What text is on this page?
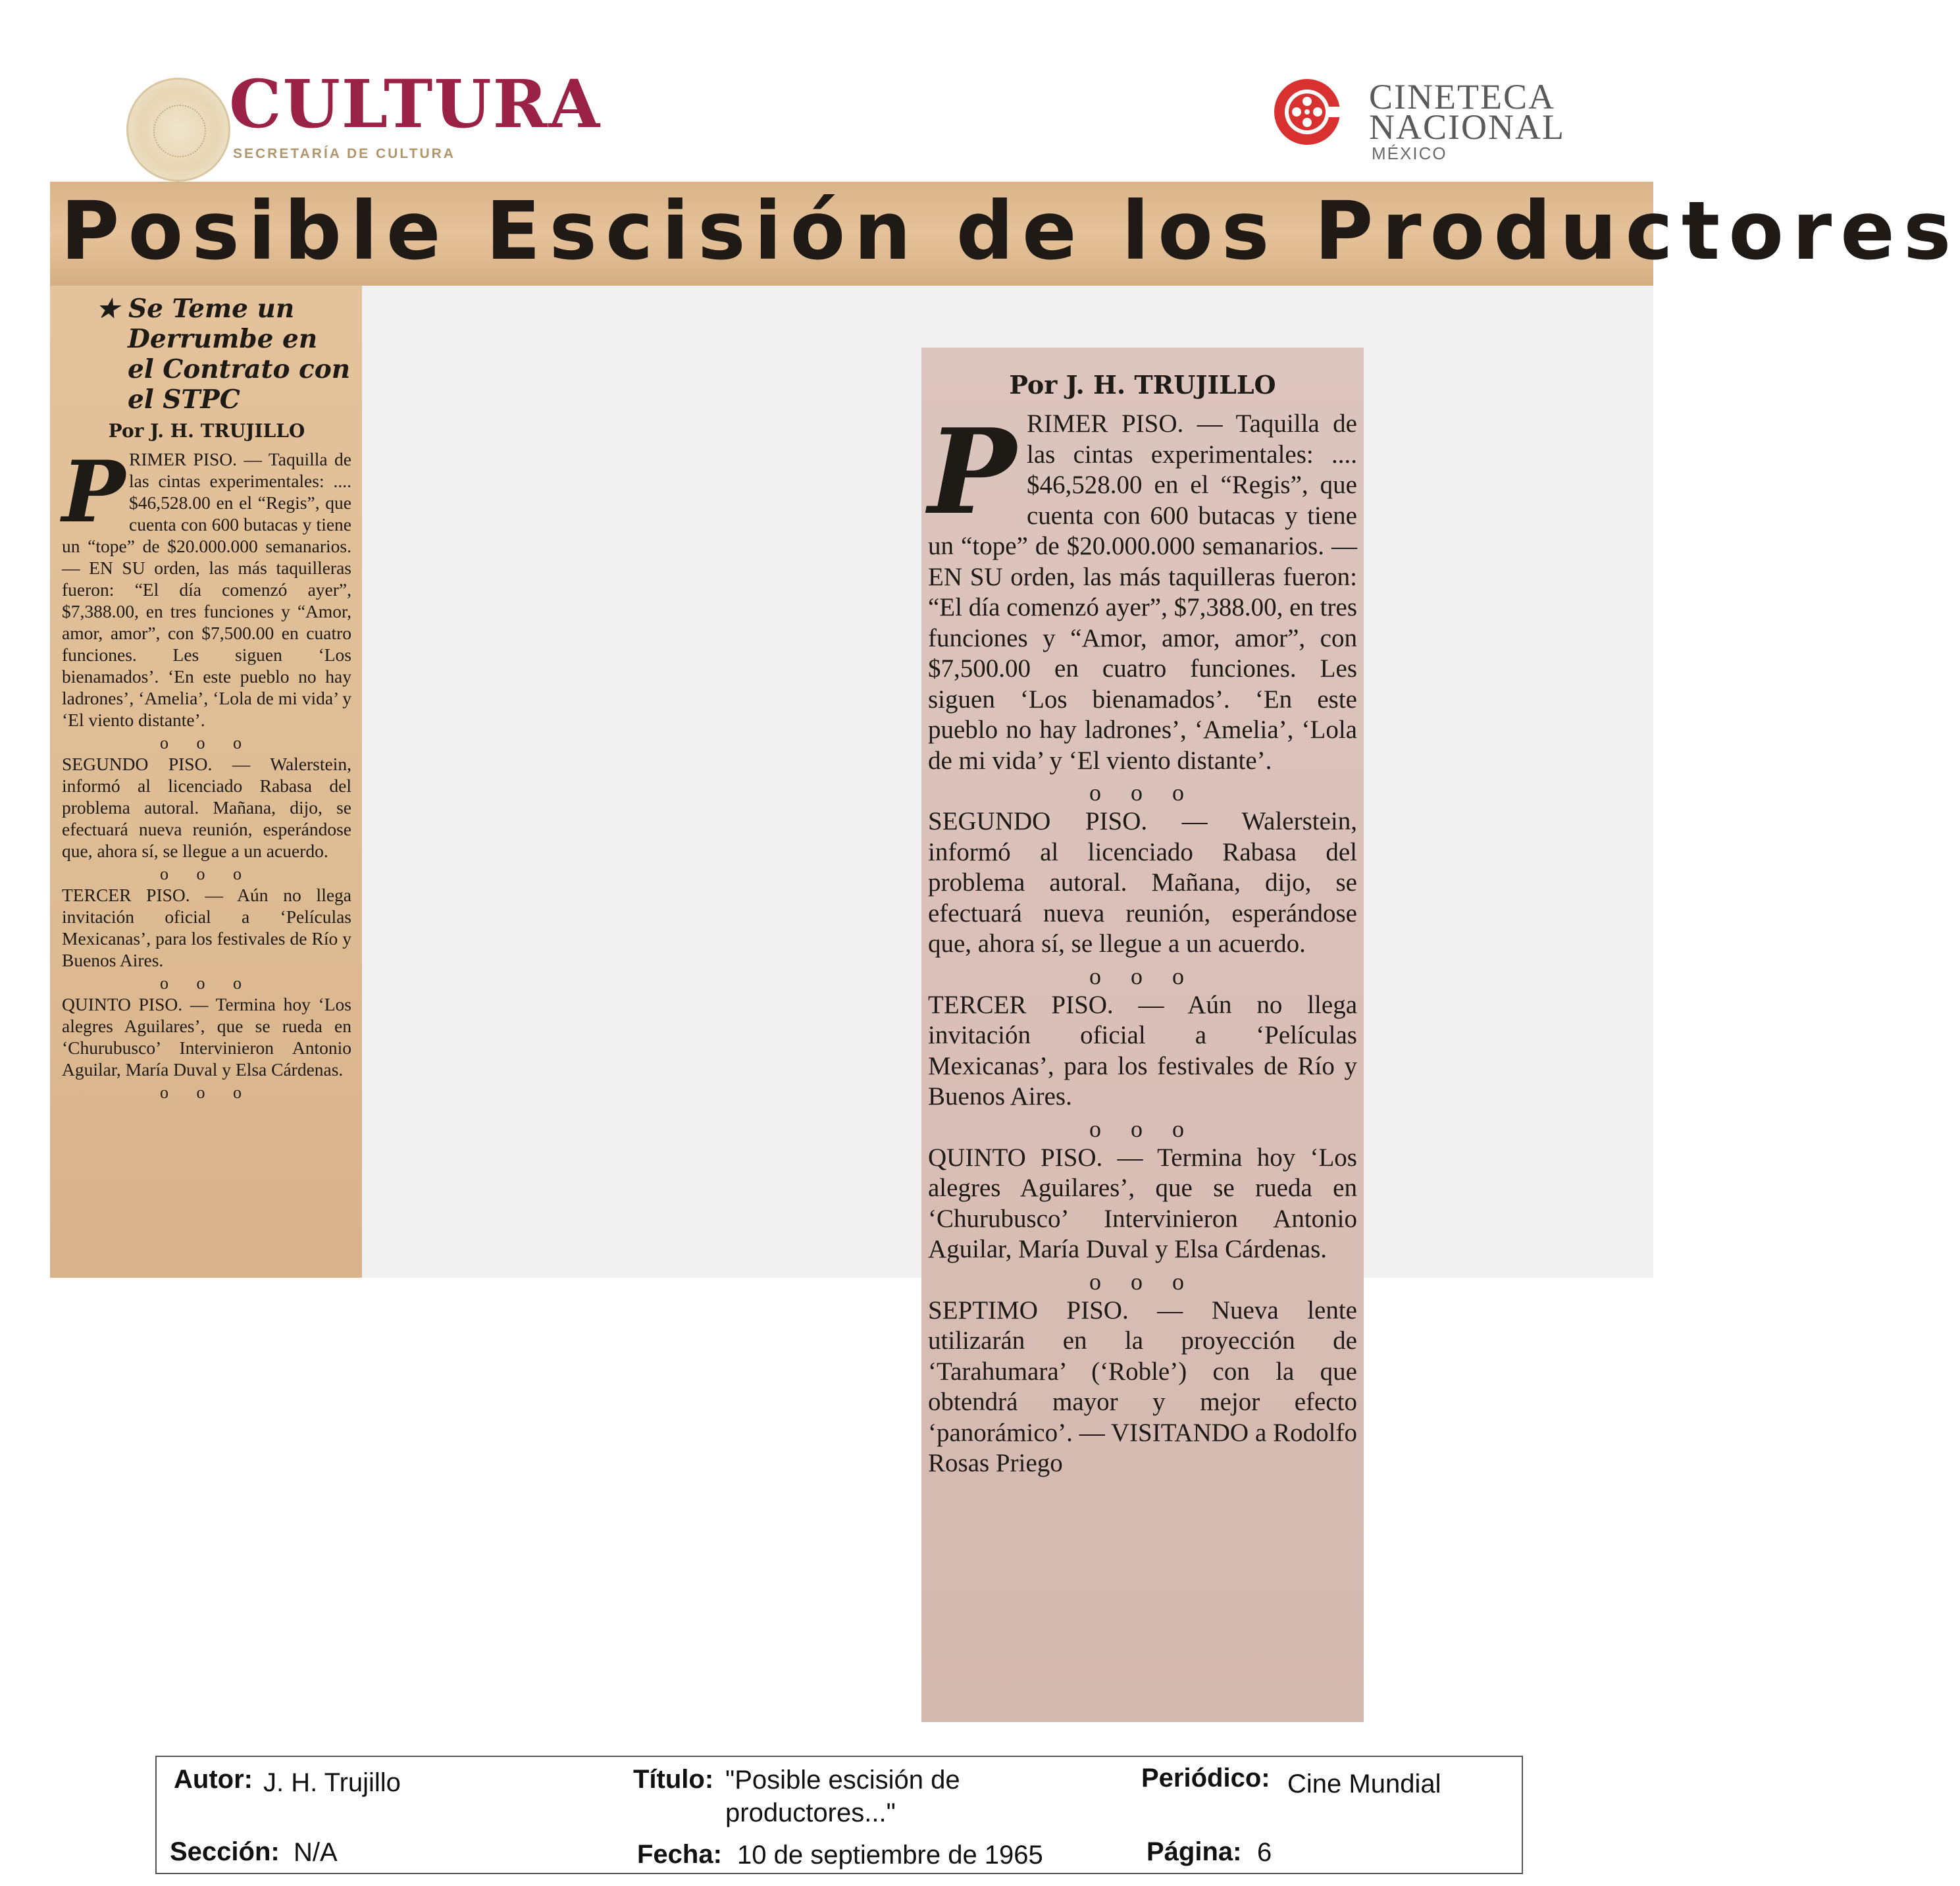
CULTURA
SECRETARÍA DE CULTURA
CINETECA
NACIONAL
MÉXICO
Posible Escisión de los Productores
★ Se Teme un Derrumbe en el Contrato con el STPC
Por J. H. TRUJILLO
P RIMER PISO. — Taquilla de las cintas experimentales: .... $46,528.00 en el “Regis”, que cuenta con 600 butacas y tiene un “tope” de $20.000.000 semanarios. — EN SU orden, las más taquilleras fueron: “El día comenzó ayer”, $7,388.00, en tres funciones y “Amor, amor, amor”, con $7,500.00 en cuatro funciones. Les siguen ‘Los bienamados’. ‘En este pueblo no hay ladrones’, ‘Amelia’, ‘Lola de mi vida’ y ‘El viento distante’.

o o o

SEGUNDO PISO. — Walerstein, informó al licenciado Rabasa del problema autoral. Mañana, dijo, se efectuará nueva reunión, esperándose que, ahora sí, se llegue a un acuerdo.

o o o

TERCER PISO. — Aún no llega invitación oficial a ‘Películas Mexicanas’, para los festivales de Río y Buenos Aires.

o o o

QUINTO PISO. — Termina hoy ‘Los alegres Aguilares’, que se rueda en ‘Churubusco’ Intervinieron Antonio Aguilar, María Duval y Elsa Cárdenas.

o o o

Por J. H. TRUJILLO
P RIMER PISO. — Taquilla de las cintas experimentales: .... $46,528.00 en el “Regis”, que cuenta con 600 butacas y tiene un “tope” de $20.000.000 semanarios. — EN SU orden, las más taquilleras fueron: “El día comenzó ayer”, $7,388.00, en tres funciones y “Amor, amor, amor”, con $7,500.00 en cuatro funciones. Les siguen ‘Los bienamados’. ‘En este pueblo no hay ladrones’, ‘Amelia’, ‘Lola de mi vida’ y ‘El viento distante’.

o o o

SEGUNDO PISO. — Walerstein, informó al licenciado Rabasa del problema autoral. Mañana, dijo, se efectuará nueva reunión, esperándose que, ahora sí, se llegue a un acuerdo.

o o o

TERCER PISO. — Aún no llega invitación oficial a ‘Películas Mexicanas’, para los festivales de Río y Buenos Aires.

o o o

QUINTO PISO. — Termina hoy ‘Los alegres Aguilares’, que se rueda en ‘Churubusco’ Intervinieron Antonio Aguilar, María Duval y Elsa Cárdenas.

o o o

SEPTIMO PISO. — Nueva lente utilizarán en la proyección de ‘Tarahumara’ (‘Roble’) con la que obtendrá mayor y mejor efecto ‘panorámico’. — VISITANDO a Rodolfo Rosas Priego

Autor: J. H. Trujillo	Título: "Posible escisión de productores..."
Periódico: Cine Mundial
Sección: N/A	Fecha: 10 de septiembre de 1965	Página: 6
